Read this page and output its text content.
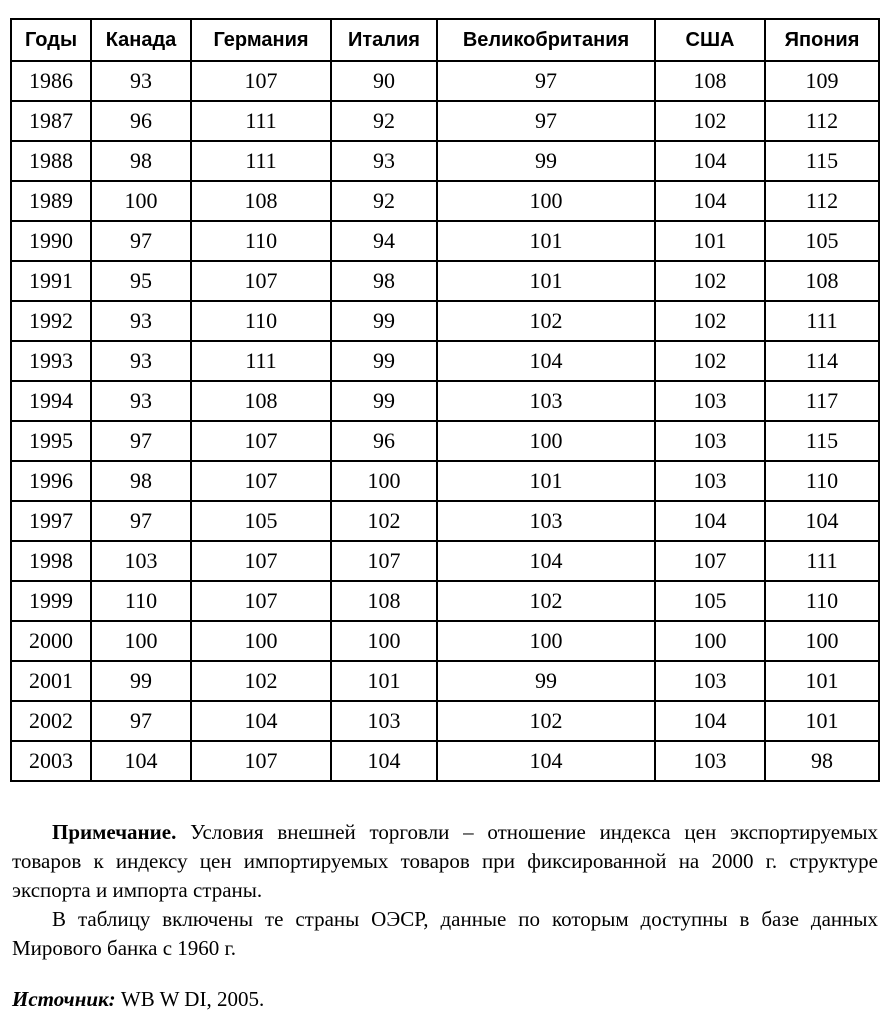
Годы	Канада	Германия	Италия	Великобритания	США	Япония
1986	93	107	90	97	108	109
1987	96	111	92	97	102	112
1988	98	111	93	99	104	115
1989	100	108	92	100	104	112
1990	97	110	94	101	101	105
1991	95	107	98	101	102	108
1992	93	110	99	102	102	111
1993	93	111	99	104	102	114
1994	93	108	99	103	103	117
1995	97	107	96	100	103	115
1996	98	107	100	101	103	110
1997	97	105	102	103	104	104
1998	103	107	107	104	107	111
1999	110	107	108	102	105	110
2000	100	100	100	100	100	100
2001	99	102	101	99	103	101
2002	97	104	103	102	104	101
2003	104	107	104	104	103	98

Примечание. Условия внешней торговли – отношение индекса цен экспортируемых товаров к индексу цен импортируемых товаров при фиксированной на 2000 г. структуре экспорта и импорта страны.

В таблицу включены те страны ОЭСР, данные по которым доступны в базе данных Мирового банка с 1960 г.

Источник: WB W DI, 2005.
